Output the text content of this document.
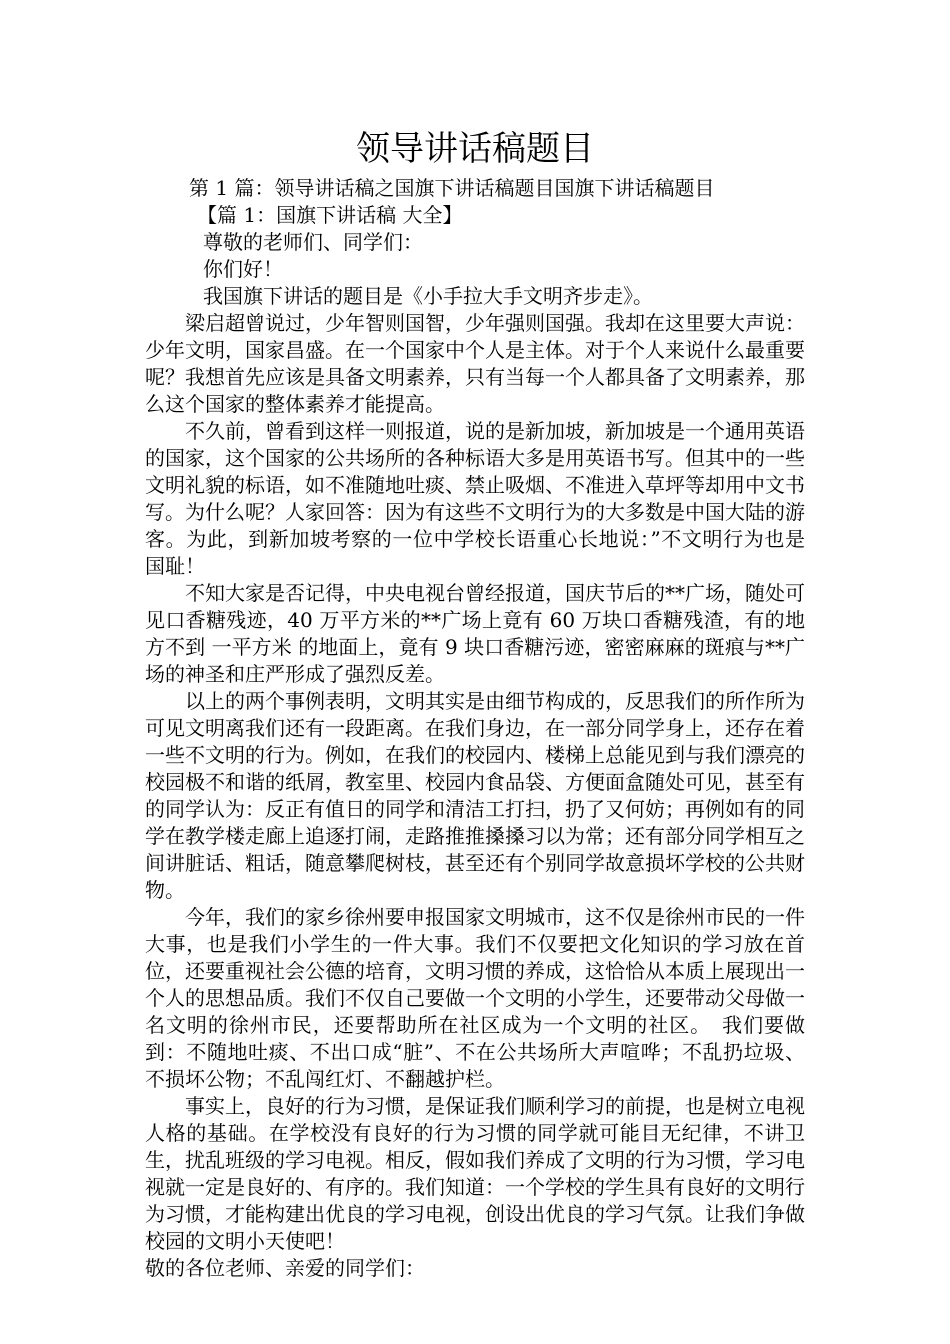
领导讲话稿题目

第 1 篇：领导讲话稿之国旗下讲话稿题目国旗下讲话稿题目

【篇 1：国旗下讲话稿 大全】

尊敬的老师们、同学们：

你们好！

我国旗下讲话的题目是《小手拉大手文明齐步走》。

梁启超曾说过，少年智则国智，少年强则国强。我却在这里要大声说：少年文明，国家昌盛。在一个国家中个人是主体。对于个人来说什么最重要呢？我想首先应该是具备文明素养，只有当每一个人都具备了文明素养，那么这个国家的整体素养才能提高。

不久前，曾看到这样一则报道，说的是新加坡，新加坡是一个通用英语的国家，这个国家的公共场所的各种标语大多是用英语书写。但其中的一些文明礼貌的标语，如不准随地吐痰、禁止吸烟、不准进入草坪等却用中文书写。为什么呢？人家回答：因为有这些不文明行为的大多数是中国大陆的游客。为此，到新加坡考察的一位中学校长语重心长地说：”不文明行为也是国耻！

不知大家是否记得，中央电视台曾经报道，国庆节后的**广场，随处可见口香糖残迹，40 万平方米的**广场上竟有 60 万块口香糖残渣，有的地方不到 一平方米 的地面上，竟有 9 块口香糖污迹，密密麻麻的斑痕与**广场的神圣和庄严形成了强烈反差。

以上的两个事例表明，文明其实是由细节构成的，反思我们的所作所为可见文明离我们还有一段距离。在我们身边，在一部分同学身上，还存在着一些不文明的行为。例如，在我们的校园内、楼梯上总能见到与我们漂亮的校园极不和谐的纸屑，教室里、校园内食品袋、方便面盒随处可见，甚至有的同学认为：反正有值日的同学和清洁工打扫，扔了又何妨；再例如有的同学在教学楼走廊上追逐打闹，走路推推搡搡习以为常；还有部分同学相互之间讲脏话、粗话，随意攀爬树枝，甚至还有个别同学故意损坏学校的公共财物。

今年，我们的家乡徐州要申报国家文明城市，这不仅是徐州市民的一件大事，也是我们小学生的一件大事。我们不仅要把文化知识的学习放在首位，还要重视社会公德的培育，文明习惯的养成，这恰恰从本质上展现出一个人的思想品质。我们不仅自己要做一个文明的小学生，还要带动父母做一名文明的徐州市民，还要帮助所在社区成为一个文明的社区。　我们要做到：不随地吐痰、不出口成“脏”、不在公共场所大声喧哗；不乱扔垃圾、不损坏公物；不乱闯红灯、不翻越护栏。

事实上，良好的行为习惯，是保证我们顺利学习的前提，也是树立电视人格的基础。在学校没有良好的行为习惯的同学就可能目无纪律，不讲卫生，扰乱班级的学习电视。相反，假如我们养成了文明的行为习惯，学习电视就一定是良好的、有序的。我们知道：一个学校的学生具有良好的文明行为习惯，才能构建出优良的学习电视，创设出优良的学习气氛。让我们争做校园的文明小天使吧！

敬的各位老师、亲爱的同学们：
